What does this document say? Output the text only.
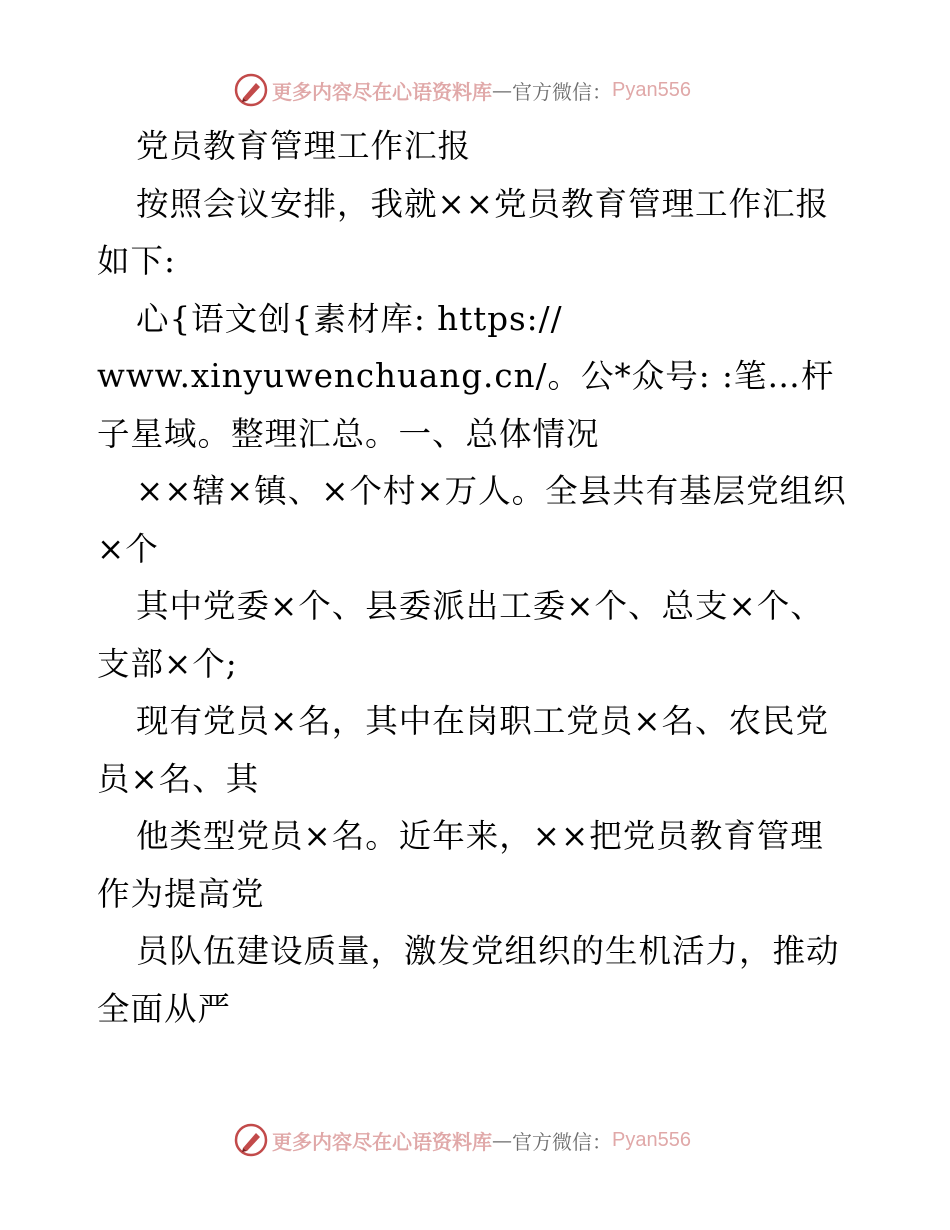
更多内容尽在心语资料库 — 官方微信： Pyan556

党员教育管理工作汇报

按照会议安排，我就××党员教育管理工作汇报如下:

心{语文创{素材库: https://

www.xinyuwenchuang.cn/。公*众号: :笔…杆子星域。整理汇总。一、总体情况

××辖×镇、×个村×万人。全县共有基层党组织×个

其中党委×个、县委派出工委×个、总支×个、支部×个;

现有党员×名，其中在岗职工党员×名、农民党员×名、其

他类型党员×名。近年来，××把党员教育管理作为提高党

员队伍建设质量，激发党组织的生机活力，推动全面从严

更多内容尽在心语资料库 — 官方微信： Pyan556
